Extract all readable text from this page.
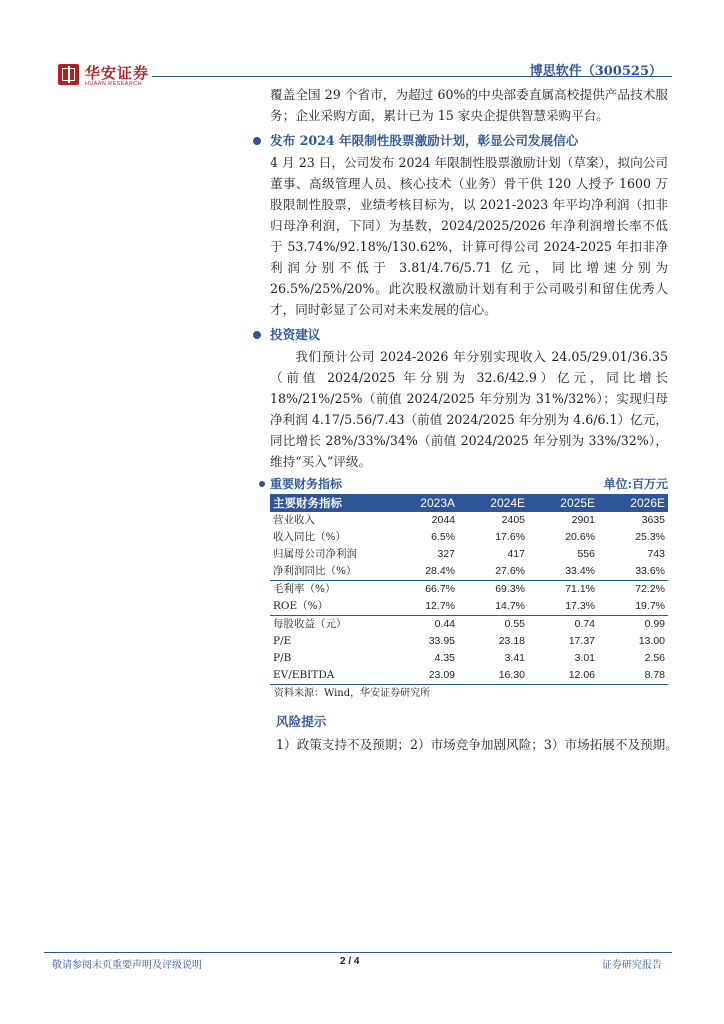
华安证券
HUAAN RESEARCH
博思软件（300525）

覆盖全国 29 个省市，为超过 60%的中央部委直属高校提供产品技术服务；企业采购方面，累计已为 15 家央企提供智慧采购平台。

发布 2024 年限制性股票激励计划，彰显公司发展信心

4 月 23 日，公司发布 2024 年限制性股票激励计划（草案），拟向公司董事、高级管理人员、核心技术（业务）骨干供 120 人授予 1600 万股限制性股票，业绩考核目标为，以 2021-2023 年平均净利润（扣非归母净利润，下同）为基数，2024/2025/2026 年净利润增长率不低于 53.74%/92.18%/130.62%，计算可得公司 2024-2025 年扣非净利润分别不低于 3.81/4.76/5.71 亿元，同比增速分别为 26.5%/25%/20%。此次股权激励计划有利于公司吸引和留住优秀人才，同时彰显了公司对未来发展的信心。

投资建议

我们预计公司 2024-2026 年分别实现收入 24.05/29.01/36.35（前值 2024/2025 年分别为 32.6/42.9）亿元，同比增长 18%/21%/25%（前值 2024/2025 年分别为 31%/32%）；实现归母净利润 4.17/5.56/7.43（前值 2024/2025 年分别为 4.6/6.1）亿元，同比增长 28%/33%/34%（前值 2024/2025 年分别为 33%/32%），维持“买入”评级。

重要财务指标	单位:百万元
主要财务指标	2023A	2024E	2025E	2026E
营业收入	2044	2405	2901	3635
收入同比（%）	6.5%	17.6%	20.6%	25.3%
归属母公司净利润	327	417	556	743
净利润同比（%）	28.4%	27.6%	33.4%	33.6%
毛利率（%）	66.7%	69.3%	71.1%	72.2%
ROE（%）	12.7%	14.7%	17.3%	19.7%
每股收益（元）	0.44	0.55	0.74	0.99
P/E	33.95	23.18	17.37	13.00
P/B	4.35	3.41	3.01	2.56
EV/EBITDA	23.09	16.30	12.06	8.78
资料来源：Wind，华安证券研究所
风险提示
1）政策支持不及预期；2）市场竞争加剧风险；3）市场拓展不及预期。
敬请参阅末页重要声明及评级说明	2 / 4	证券研究报告
